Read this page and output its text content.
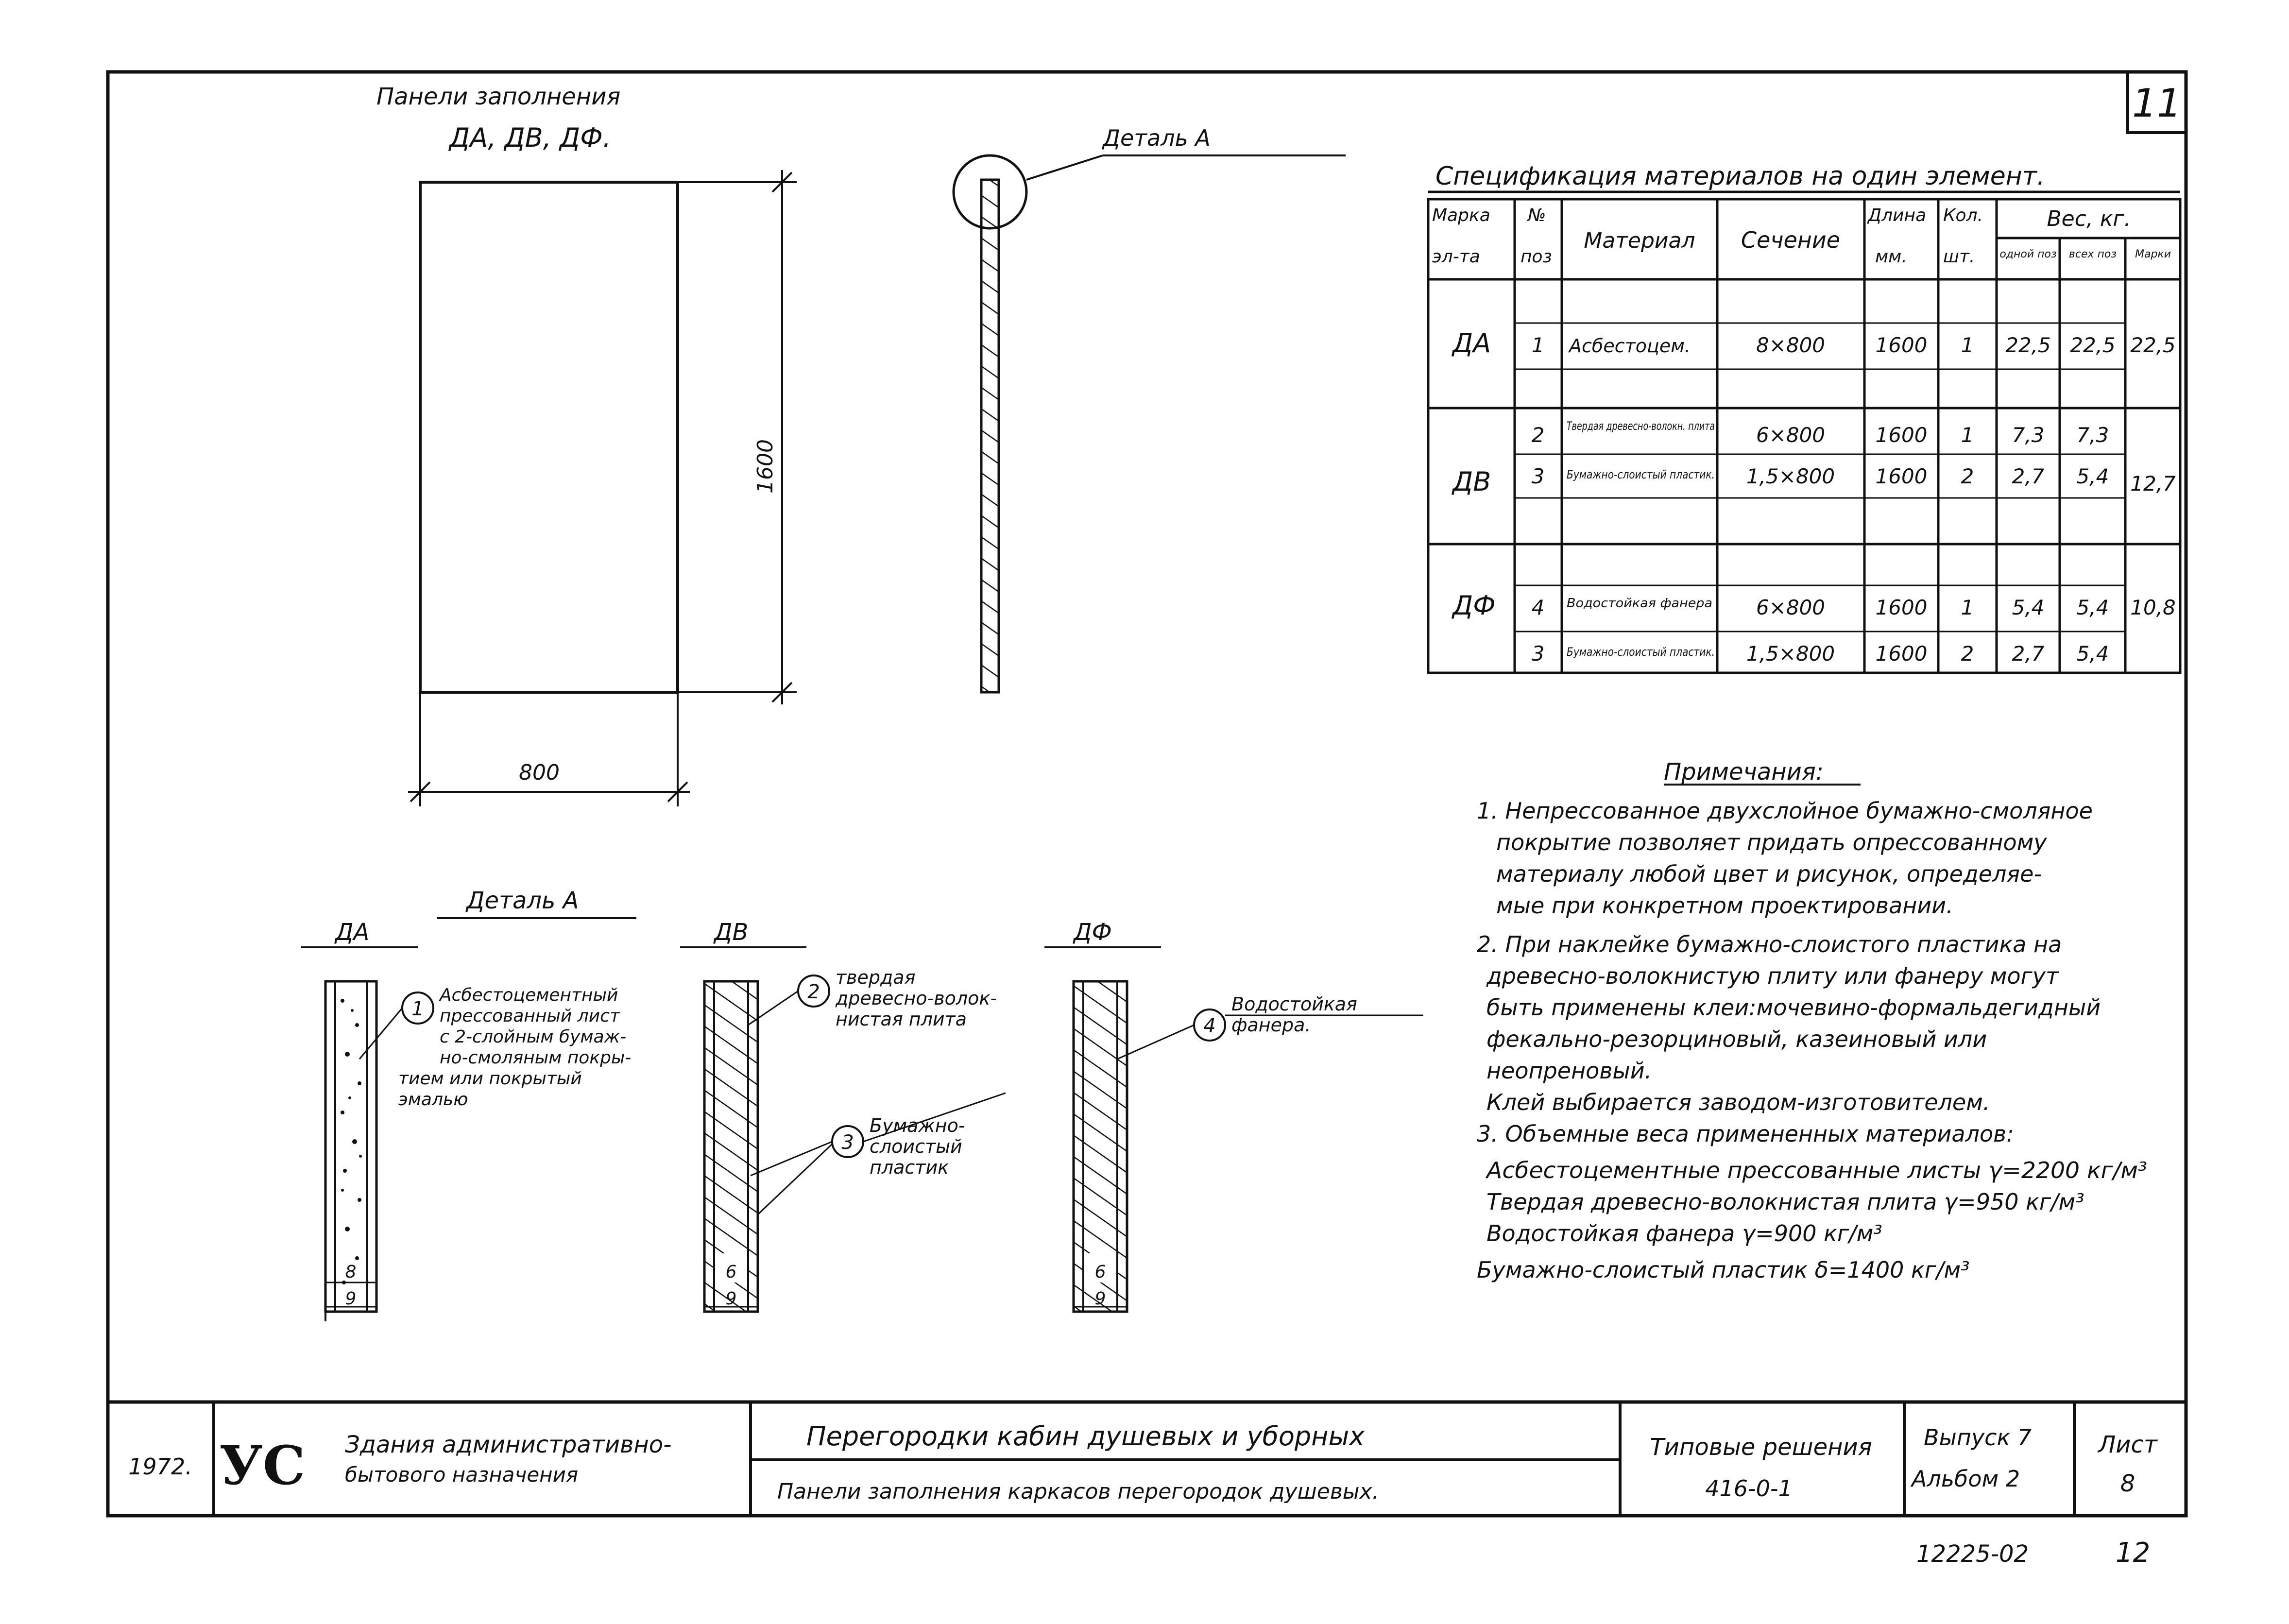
11
Панели заполнения
ДА, ДВ, ДФ.
1600
800
Деталь А
Спецификация материалов на один элемент.
Марка
эл-та
№
поз
Материал Сечение
Длина
мм.
Кол.
шт.
Вес, кг.
одной поз всех поз Марки
ДА 1 Асбестоцем.	8×800 1600 1 22,5 22,5 22,5
2 Твердая древесно-волокн. плита 6×800 1600 1 7,3 7,3
ДВ 3 Бумажно-слоистый пластик. 1,5×800 1600 2 2,7 5,4 12,7
ДФ 4 Водостойкая фанера 6×800 1600 1 5,4 5,4 10,8
3 Бумажно-слоистый пластик. 1,5×800 1600 2 2,7 5,4
Деталь А
ДА
8
9
1
Асбестоцементный
прессованный лист
с 2-слойным бумаж-
но-смоляным покры-
тием или покрытый
эмалью
ДВ
6
9
2
твердая
древесно-волок-
нистая плита
3
Бумажно-
слоистый
пластик
ДФ
6
9
4
Водостойкая
фанера.
Примечания:
1. Непрессованное двухслойное бумажно-смоляное
покрытие позволяет придать опрессованному
материалу любой цвет и рисунок, определяе-
мые при конкретном проектировании.
2. При наклейке бумажно-слоистого пластика на
древесно-волокнистую плиту или фанеру могут
быть применены клеи:мочевино-формальдегидный
фекально-резорциновый, казеиновый или
неопреновый.
Клей выбирается заводом-изготовителем.
3. Объемные веса примененных материалов:
Асбестоцементные прессованные листы γ=2200 кг/м³
Твердая древесно-волокнистая плита γ=950 кг/м³
Водостойкая фанера γ=900 кг/м³
Бумажно-слоистый пластик δ=1400 кг/м³
1972. УС Здания административно-
бытового назначения
Перегородки кабин душевых и уборных
Панели заполнения каркасов перегородок душевых.
Типовые решения
416-0-1
Выпуск 7
Альбом 2
Лист
8
12225-02	12
